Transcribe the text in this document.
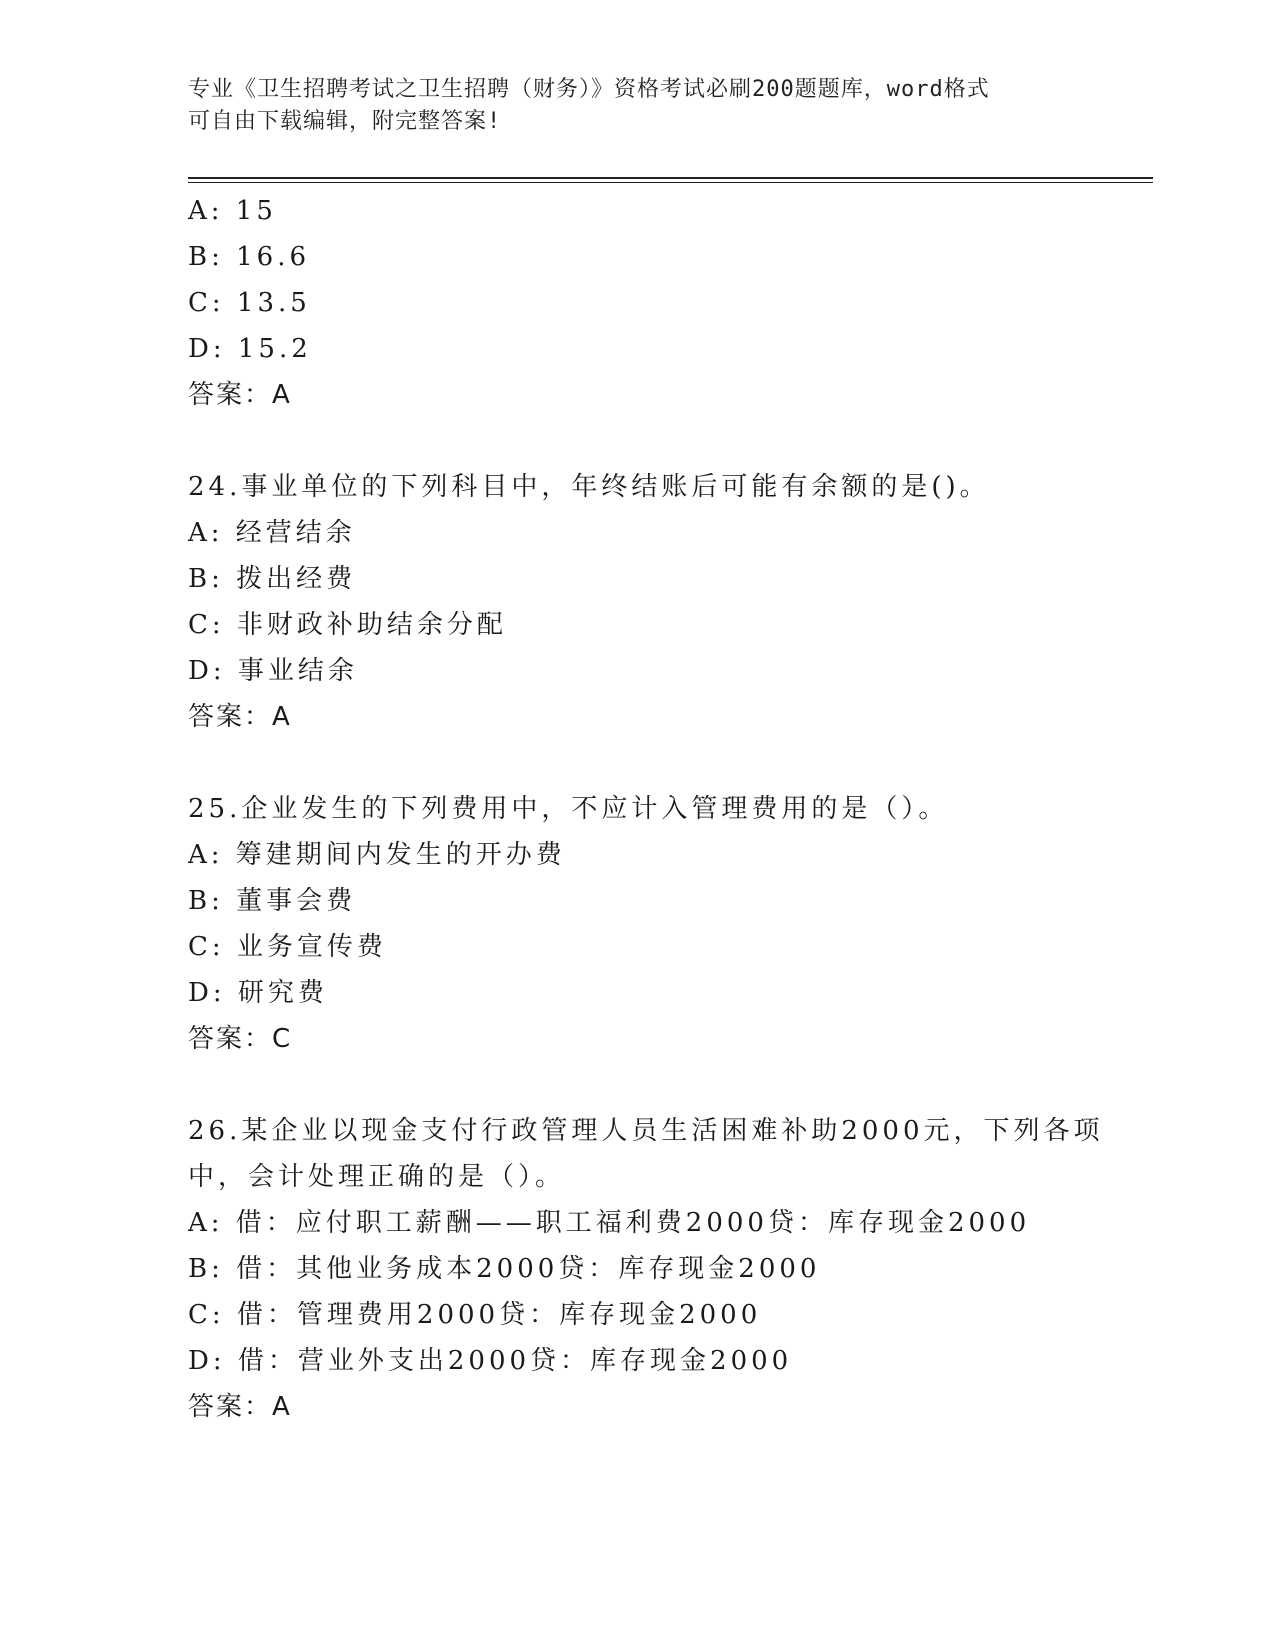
专业《卫生招聘考试之卫生招聘（财务）》资格考试必刷200题题库，word格式
可自由下载编辑，附完整答案!
A: 15
B: 16.6
C: 13.5
D: 15.2
答案：A
24.事业单位的下列科目中，年终结账后可能有余额的是()。
A: 经营结余
B: 拨出经费
C: 非财政补助结余分配
D: 事业结余
答案：A
25.企业发生的下列费用中，不应计入管理费用的是（）。
A: 筹建期间内发生的开办费
B: 董事会费
C: 业务宣传费
D: 研究费
答案：C
26.某企业以现金支付行政管理人员生活困难补助2000元，下列各项
中，会计处理正确的是（）。
A: 借：应付职工薪酬——职工福利费2000贷：库存现金2000
B: 借：其他业务成本2000贷：库存现金2000
C: 借：管理费用2000贷：库存现金2000
D: 借：营业外支出2000贷：库存现金2000
答案：A
